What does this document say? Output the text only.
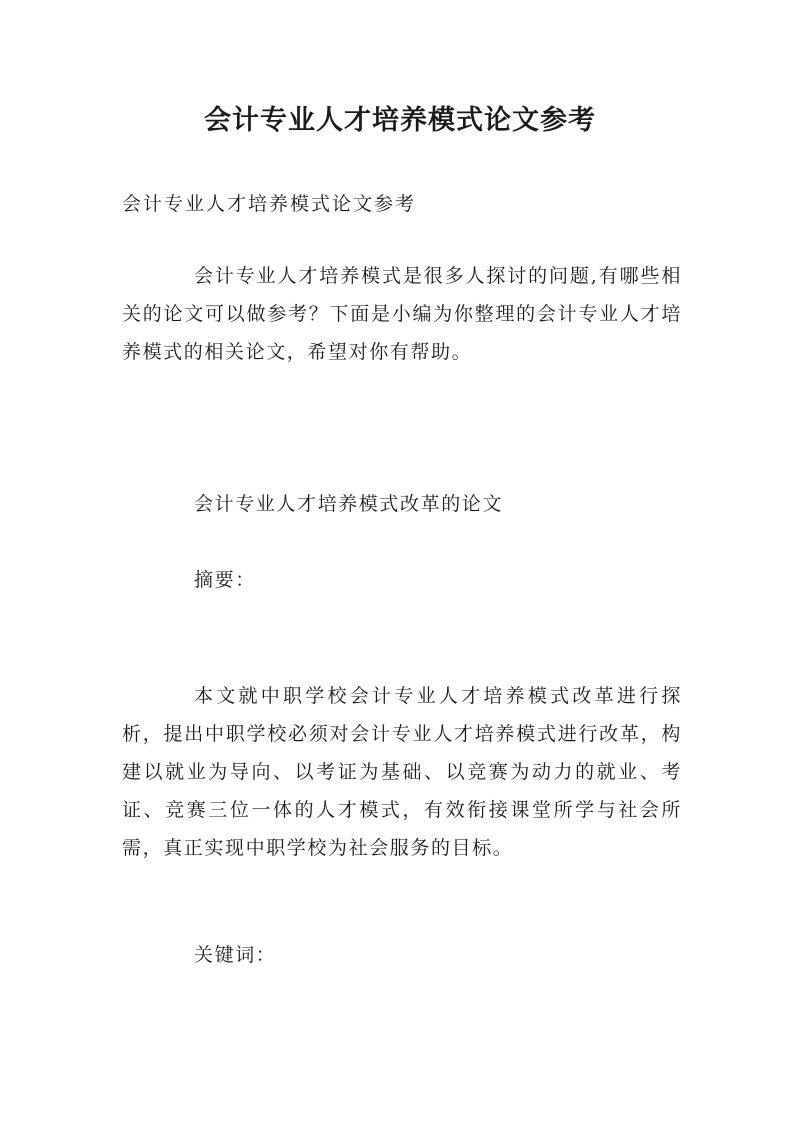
会计专业人才培养模式论文参考

会计专业人才培养模式论文参考

会计专业人才培养模式是很多人探讨的问题,有哪些相关的论文可以做参考？下面是小编为你整理的会计专业人才培养模式的相关论文，希望对你有帮助。

会计专业人才培养模式改革的论文

摘要：

本文就中职学校会计专业人才培养模式改革进行探析，提出中职学校必须对会计专业人才培养模式进行改革，构建以就业为导向、以考证为基础、以竞赛为动力的就业、考证、竞赛三位一体的人才模式，有效衔接课堂所学与社会所需，真正实现中职学校为社会服务的目标。

关键词：
